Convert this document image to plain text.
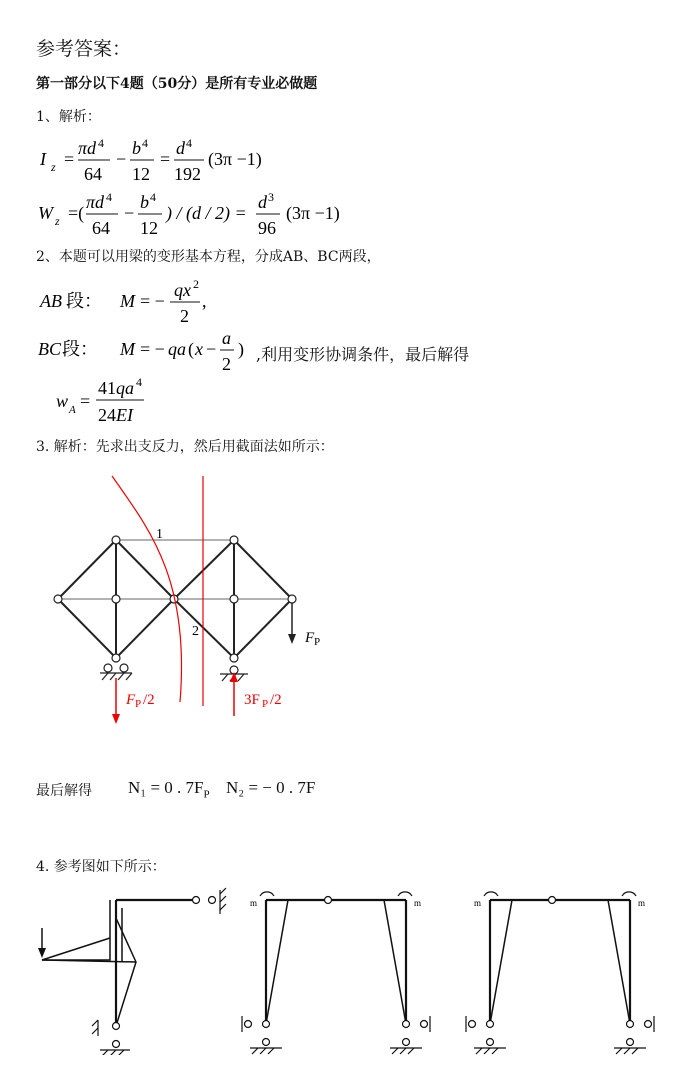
参考答案：
第一部分以下4题（50分）是所有专业必做题
1、解析：
I z =
πd 4
64
−
b 4
12
=
d 4
192
(3π −1)
W z =(
πd 4
64
−
b 4
12
) / (d / 2) =
d 3
96
(3π −1)
2、本题可以用梁的变形基本方程，分成AB、BC两段，
AB 段： M = −
qx 2
2
,
BC 段： M = − qa ( x −
a
2
) ,利用变形协调条件，最后解得
w A =
41 qa 4
24 EI
3. 解析：先求出支反力，然后用截面法如所示：
F P
1
2
F P /2	3F P /2
最后解得 N₁ = 0 . $7F_P$ N₂ = − 0 . 7F
4. 参考图如下所示：
m	m	m	m
